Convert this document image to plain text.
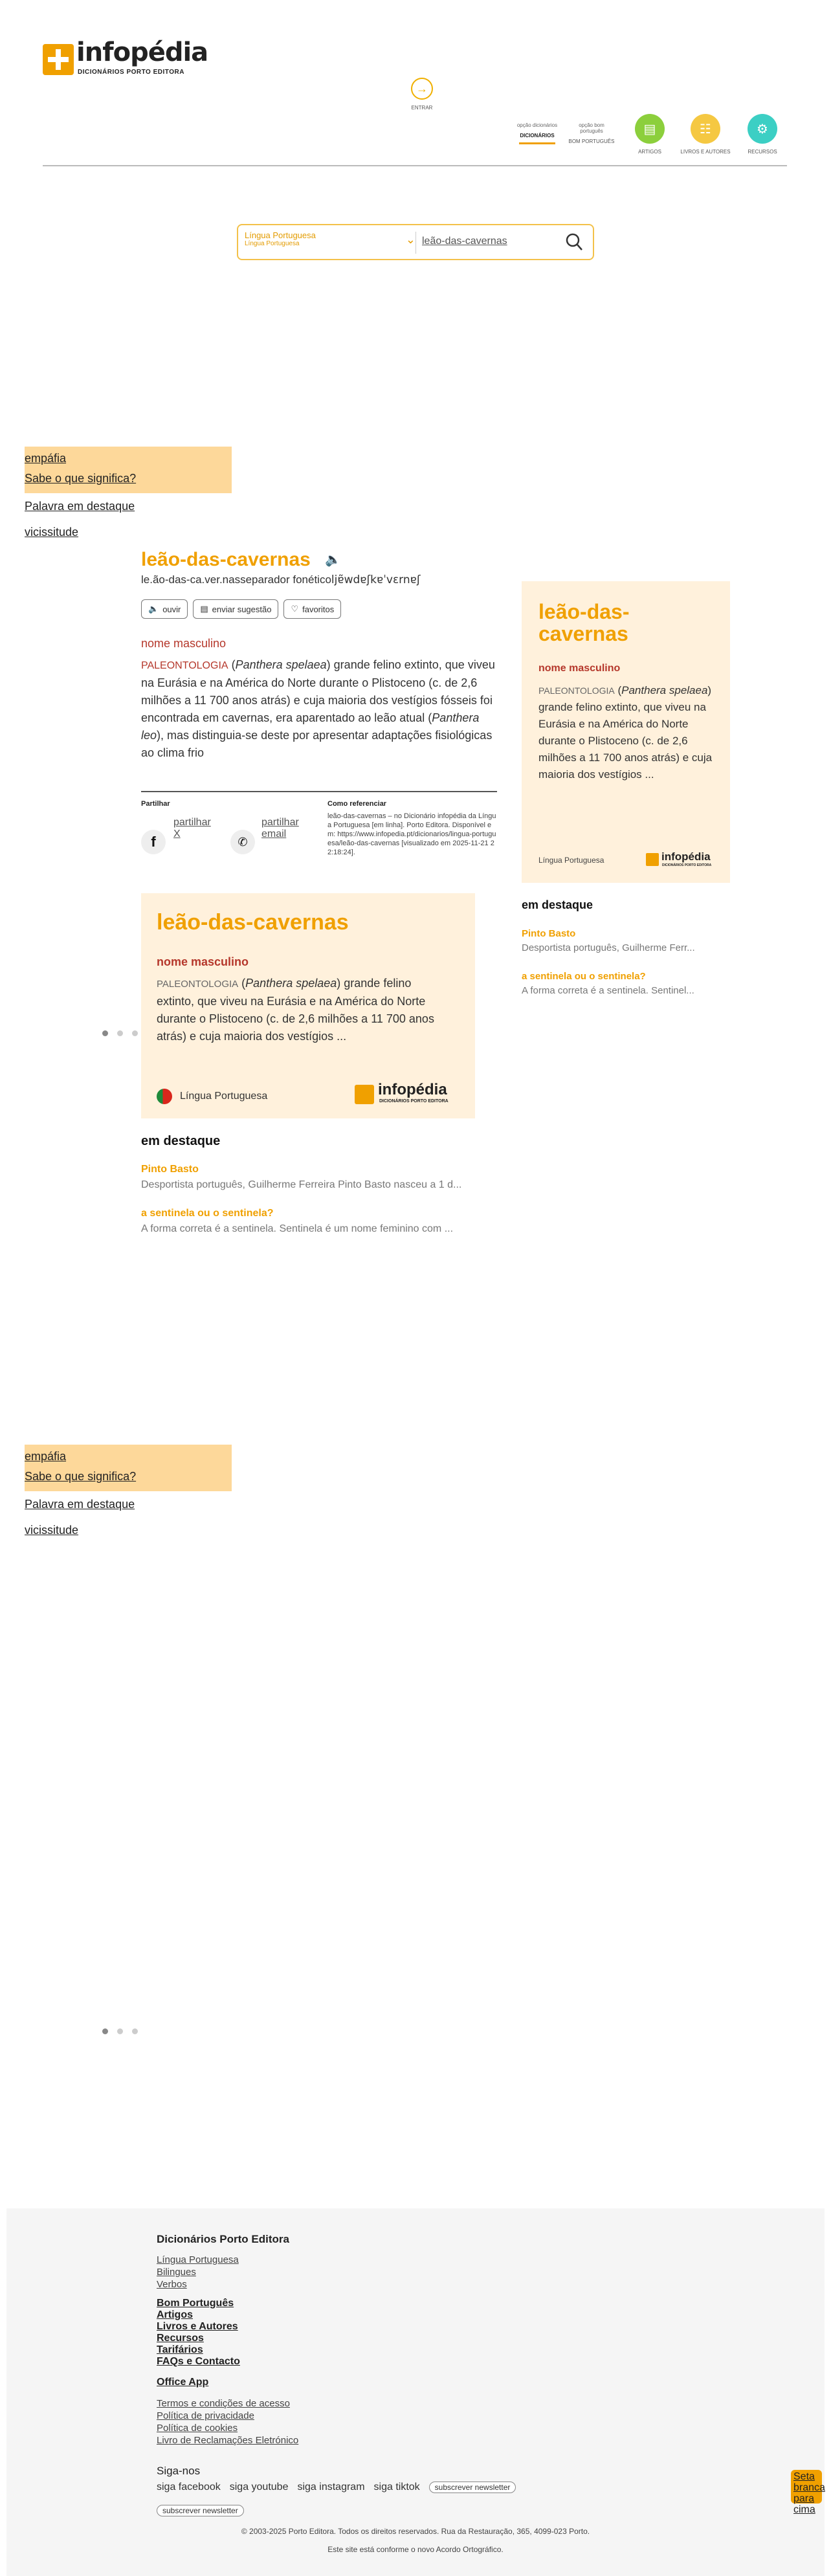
infopédia
DICIONÁRIOS PORTO EDITORA
→
ENTRAR
opção dicionários
DICIONÁRIOS
opção bom português
BOM PORTUGUÊS
▤
ARTIGOS
☷
LIVROS E AUTORES
⚙
RECURSOS
Língua Portuguesa
Língua Portuguesa	⌄ leão-das-cavernas
empáfia
Sabe o que significa?
Palavra em destaque
vicissitude
leão-das-cavernas 🔈
le.ão-das-ca.ver.nasseparador fonéticoljɐ̃wdɐʃkɐˈvɛrnɐʃ
🔈 ouvir ▤ enviar sugestão ♡ favoritos
nome masculino
PALEONTOLOGIA (Panthera spelaea) grande felino extinto, que viveu na Eurásia e na América do Norte durante o Plistoceno (c. de 2,6 milhões a 11 700 anos atrás) e cuja maioria dos vestígios fósseis foi encontrada em cavernas, era aparentado ao leão atual (Panthera leo), mas distinguia-se deste por apresentar adaptações fisiológicas ao clima frio
Partilhar
f
partilhar X
✆
partilhar email
Como referenciar
leão-das-cavernas – no Dicionário infopédia da Língua Portuguesa [em linha]. Porto Editora. Disponível em: https://www.infopedia.pt/dicionarios/lingua-portuguesa/leão-das-cavernas [visualizado em 2025-11-21 22:18:24].
leão-das-cavernas
nome masculino
PALEONTOLOGIA (Panthera spelaea) grande felino extinto, que viveu na Eurásia e na América do Norte durante o Plistoceno (c. de 2,6 milhões a 11 700 anos atrás) e cuja maioria dos vestígios ...
Língua Portuguesa	infopédia
DICIONÁRIOS PORTO EDITORA
em destaque
Pinto Basto
Desportista português, Guilherme Ferreira Pinto Basto nasceu a 1 d...
a sentinela ou o sentinela?
A forma correta é a sentinela. Sentinela é um nome feminino com ...
leão-das-cavernas
nome masculino
PALEONTOLOGIA (Panthera spelaea) grande felino extinto, que viveu na Eurásia e na América do Norte durante o Plistoceno (c. de 2,6 milhões a 11 700 anos atrás) e cuja maioria dos vestígios ...
Língua Portuguesa	infopédia
DICIONÁRIOS PORTO EDITORA
em destaque
Pinto Basto
Desportista português, Guilherme Ferr...
a sentinela ou o sentinela?
A forma correta é a sentinela. Sentinel...
empáfia
Sabe o que significa?
Palavra em destaque
vicissitude
Dicionários Porto Editora
Língua Portuguesa
Bilingues
Verbos
Bom Português
Artigos
Livros e Autores
Recursos
Tarifários
FAQs e Contacto
Office App
Termos e condições de acesso
Política de privacidade
Política de cookies
Livro de Reclamações Eletrónico
Siga-nos
siga facebook siga youtube siga instagram siga tiktok	subscrever newsletter
subscrever newsletter
© 2003-2025 Porto Editora. Todos os direitos reservados. Rua da Restauração, 365, 4099-023 Porto.
Este site está conforme o novo Acordo Ortográfico.
Seta branca para cima
